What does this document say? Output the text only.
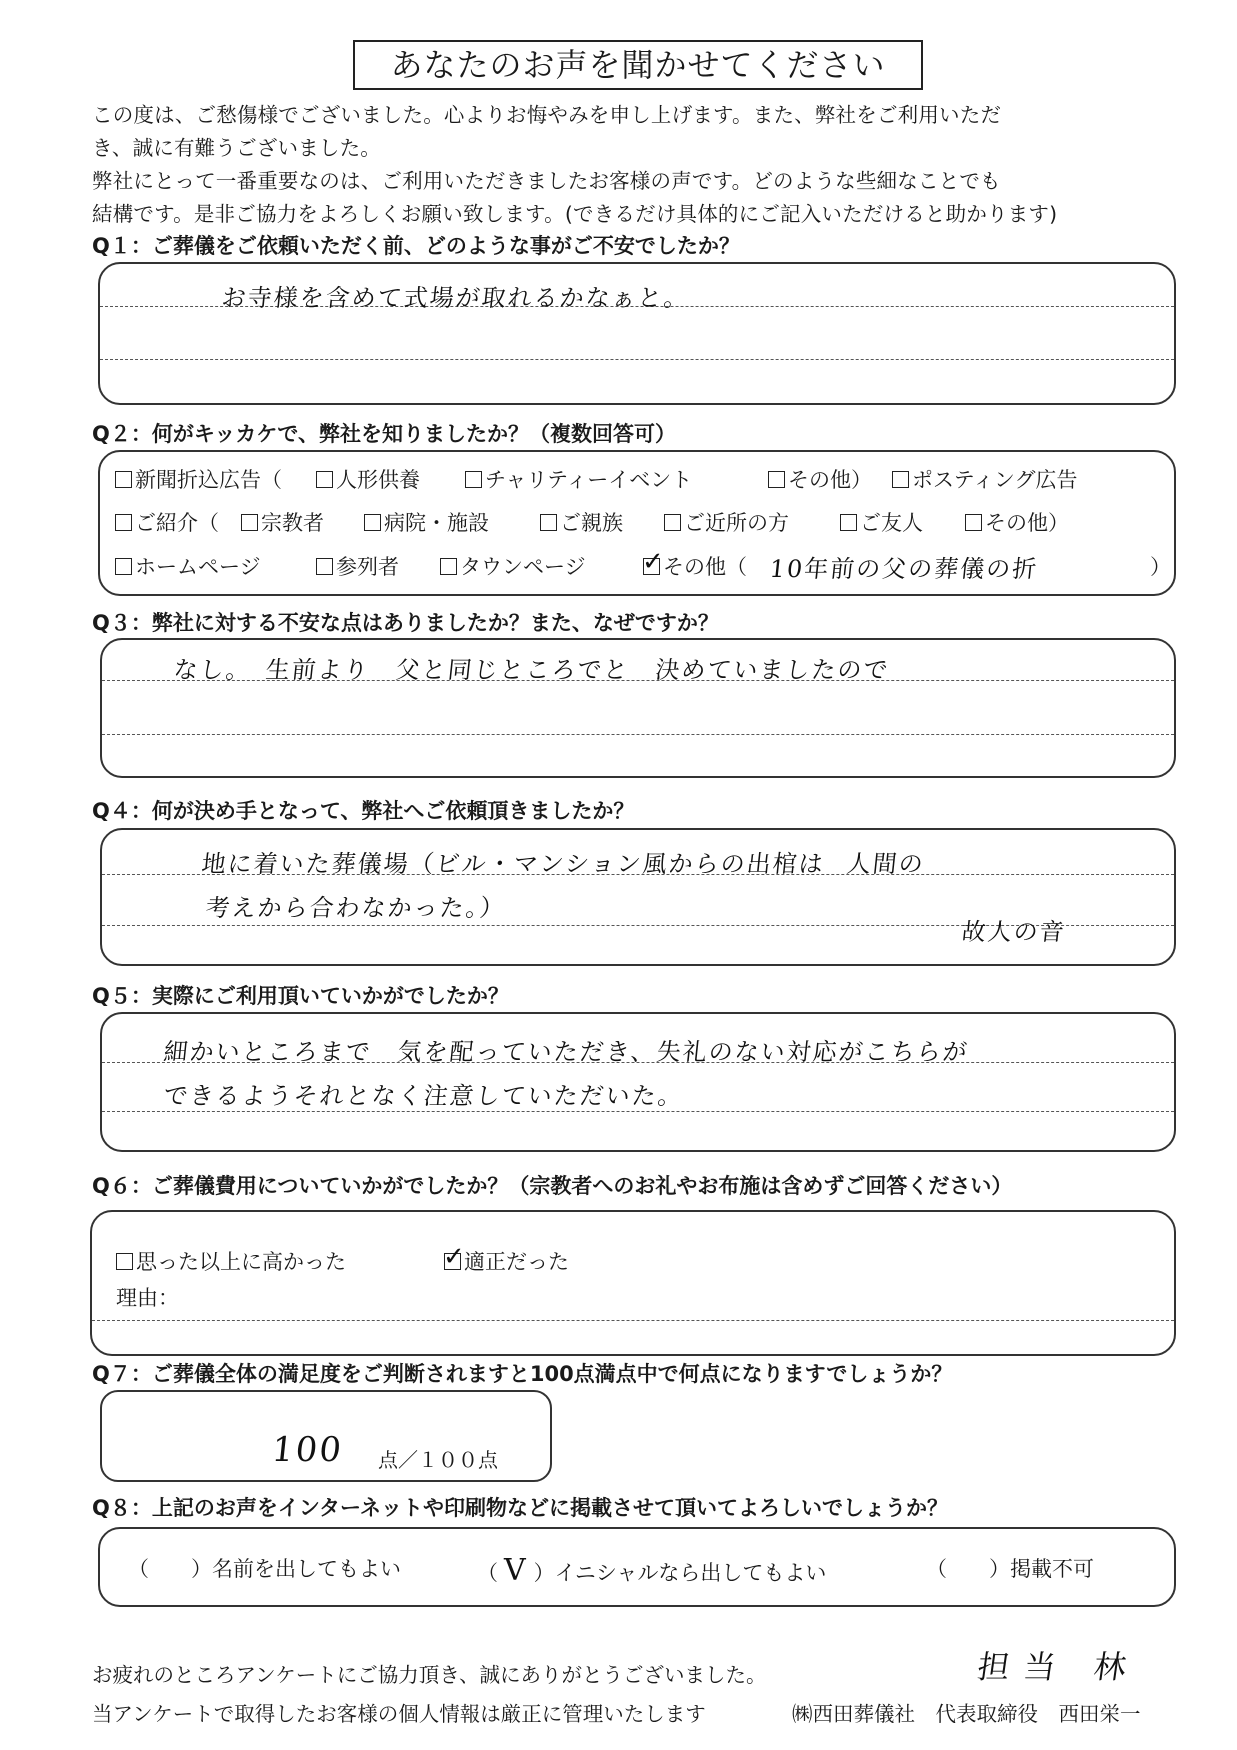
あなたのお声を聞かせてください
この度は、ご愁傷様でございました。心よりお悔やみを申し上げます。また、弊社をご利用いただ
き、誠に有難うございました。
弊社にとって一番重要なのは、ご利用いただきましたお客様の声です。どのような些細なことでも
結構です。是非ご協力をよろしくお願い致します。(できるだけ具体的にご記入いただけると助かります)
Q１：ご葬儀をご依頼いただく前、どのような事がご不安でしたか？
お寺様を含めて式場が取れるかなぁと。
Q２：何がキッカケで、弊社を知りましたか？（複数回答可）
新聞折込広告（	人形供養	チャリティーイベント	その他）	ポスティング広告
ご紹介（	宗教者	病院・施設	ご親族	ご近所の方	ご友人	その他）
ホームページ	参列者	タウンページ ✓ その他（ 10年前の父の葬儀の折	）
Q３：弊社に対する不安な点はありましたか？また、なぜですか？
なし。　生前より　父と同じところでと　決めていましたので
Q４：何が決め手となって、弊社へご依頼頂きましたか？
地に着いた葬儀場（ビル・マンション風からの出棺は 人間の
考えから合わなかった。）
故人の音
Q５：実際にご利用頂いていかがでしたか？
細かいところまで　気を配っていただき、失礼のない対応がこちらが
できるようそれとなく注意していただいた。
Q６：ご葬儀費用についていかがでしたか？（宗教者へのお礼やお布施は含めずご回答ください）
思った以上に高かった	✓ 適正だった
理由：
Q７：ご葬儀全体の満足度をご判断されますと100点満点中で何点になりますでしょうか？
100 点／１００点
Q８：上記のお声をインターネットや印刷物などに掲載させて頂いてよろしいでしょうか？
（　　）名前を出してもよい	（ V ）イニシャルなら出してもよい	（　　）掲載不可
お疲れのところアンケートにご協力頂き、誠にありがとうございました。	担当 林
当アンケートで取得したお客様の個人情報は厳正に管理いたします	㈱西田葬儀社　代表取締役　西田栄一
